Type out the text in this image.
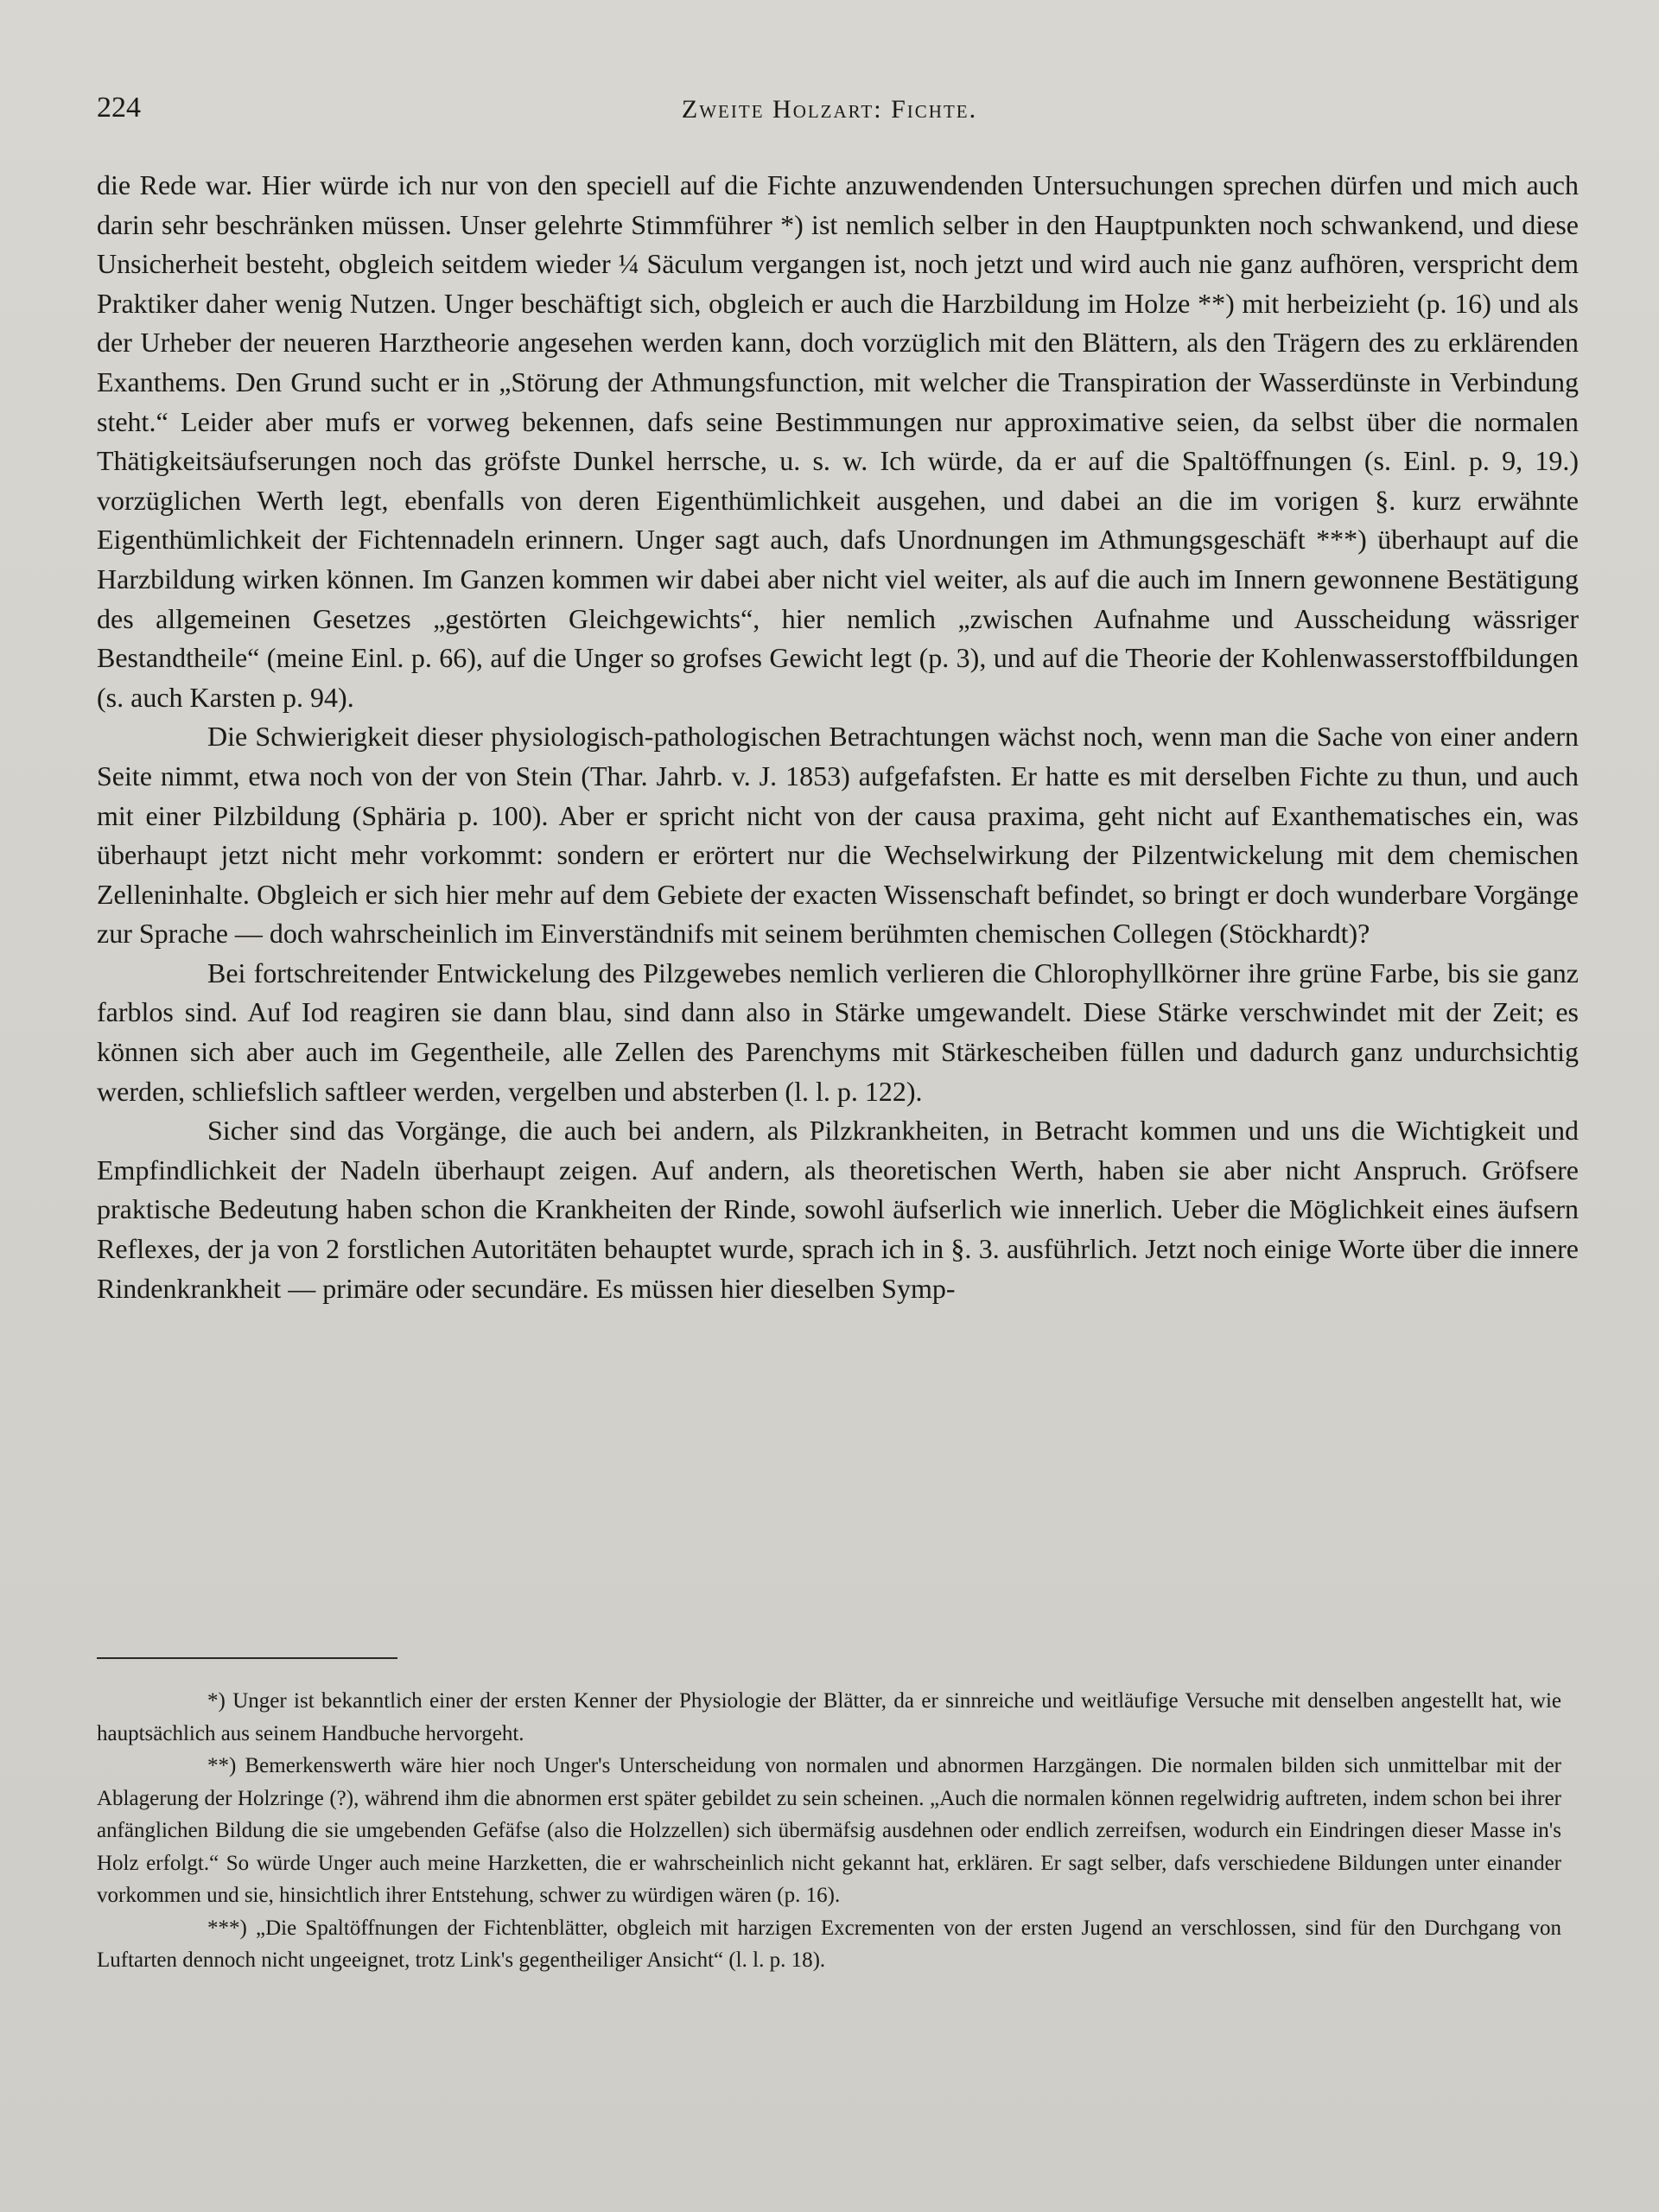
224	Zweite Holzart: Fichte.

die Rede war. Hier würde ich nur von den speciell auf die Fichte anzuwendenden Untersuchungen sprechen dürfen und mich auch darin sehr beschränken müssen. Unser gelehrte Stimmführer *) ist nemlich selber in den Hauptpunkten noch schwankend, und diese Unsicherheit besteht, obgleich seitdem wieder ¼ Säculum vergangen ist, noch jetzt und wird auch nie ganz aufhören, verspricht dem Praktiker daher wenig Nutzen. Unger beschäftigt sich, obgleich er auch die Harzbildung im Holze **) mit herbeizieht (p. 16) und als der Urheber der neueren Harztheorie angesehen werden kann, doch vorzüglich mit den Blättern, als den Trägern des zu erklärenden Exanthems. Den Grund sucht er in „Störung der Athmungsfunction, mit welcher die Transpiration der Wasserdünste in Verbindung steht.“ Leider aber mufs er vorweg bekennen, dafs seine Bestimmungen nur approximative seien, da selbst über die normalen Thätigkeitsäufserungen noch das gröfste Dunkel herrsche, u. s. w. Ich würde, da er auf die Spaltöffnungen (s. Einl. p. 9, 19.) vorzüglichen Werth legt, ebenfalls von deren Eigenthümlichkeit ausgehen, und dabei an die im vorigen §. kurz erwähnte Eigenthümlichkeit der Fichtennadeln erinnern. Unger sagt auch, dafs Unordnungen im Athmungsgeschäft ***) überhaupt auf die Harzbildung wirken können. Im Ganzen kommen wir dabei aber nicht viel weiter, als auf die auch im Innern gewonnene Bestätigung des allgemeinen Gesetzes „gestörten Gleichgewichts“, hier nemlich „zwischen Aufnahme und Ausscheidung wässriger Bestandtheile“ (meine Einl. p. 66), auf die Unger so grofses Gewicht legt (p. 3), und auf die Theorie der Kohlenwasserstoffbildungen (s. auch Karsten p. 94).

Die Schwierigkeit dieser physiologisch-pathologischen Betrachtungen wächst noch, wenn man die Sache von einer andern Seite nimmt, etwa noch von der von Stein (Thar. Jahrb. v. J. 1853) aufgefafsten. Er hatte es mit derselben Fichte zu thun, und auch mit einer Pilzbildung (Sphäria p. 100). Aber er spricht nicht von der causa praxima, geht nicht auf Exanthematisches ein, was überhaupt jetzt nicht mehr vorkommt: sondern er erörtert nur die Wechselwirkung der Pilzentwickelung mit dem chemischen Zelleninhalte. Obgleich er sich hier mehr auf dem Gebiete der exacten Wissenschaft befindet, so bringt er doch wunderbare Vorgänge zur Sprache — doch wahrscheinlich im Einverständnifs mit seinem berühmten chemischen Collegen (Stöckhardt)?

Bei fortschreitender Entwickelung des Pilzgewebes nemlich verlieren die Chlorophyllkörner ihre grüne Farbe, bis sie ganz farblos sind. Auf Iod reagiren sie dann blau, sind dann also in Stärke umgewandelt. Diese Stärke verschwindet mit der Zeit; es können sich aber auch im Gegentheile, alle Zellen des Parenchyms mit Stärkescheiben füllen und dadurch ganz undurchsichtig werden, schliefslich saftleer werden, vergelben und absterben (l. l. p. 122).

Sicher sind das Vorgänge, die auch bei andern, als Pilzkrankheiten, in Betracht kommen und uns die Wichtigkeit und Empfindlichkeit der Nadeln überhaupt zeigen. Auf andern, als theoretischen Werth, haben sie aber nicht Anspruch. Gröfsere praktische Bedeutung haben schon die Krankheiten der Rinde, sowohl äufserlich wie innerlich. Ueber die Möglichkeit eines äufsern Reflexes, der ja von 2 forstlichen Autoritäten behauptet wurde, sprach ich in §. 3. ausführlich. Jetzt noch einige Worte über die innere Rindenkrankheit — primäre oder secundäre. Es müssen hier dieselben Symp-

*) Unger ist bekanntlich einer der ersten Kenner der Physiologie der Blätter, da er sinnreiche und weitläufige Versuche mit denselben angestellt hat, wie hauptsächlich aus seinem Handbuche hervorgeht.

**) Bemerkenswerth wäre hier noch Unger's Unterscheidung von normalen und abnormen Harzgängen. Die normalen bilden sich unmittelbar mit der Ablagerung der Holzringe (?), während ihm die abnormen erst später gebildet zu sein scheinen. „Auch die normalen können regelwidrig auftreten, indem schon bei ihrer anfänglichen Bildung die sie umgebenden Gefäfse (also die Holzzellen) sich übermäfsig ausdehnen oder endlich zerreifsen, wodurch ein Eindringen dieser Masse in's Holz erfolgt.“ So würde Unger auch meine Harzketten, die er wahrscheinlich nicht gekannt hat, erklären. Er sagt selber, dafs verschiedene Bildungen unter einander vorkommen und sie, hinsichtlich ihrer Entstehung, schwer zu würdigen wären (p. 16).

***) „Die Spaltöffnungen der Fichtenblätter, obgleich mit harzigen Excrementen von der ersten Jugend an verschlossen, sind für den Durchgang von Luftarten dennoch nicht ungeeignet, trotz Link's gegentheiliger Ansicht“ (l. l. p. 18).
